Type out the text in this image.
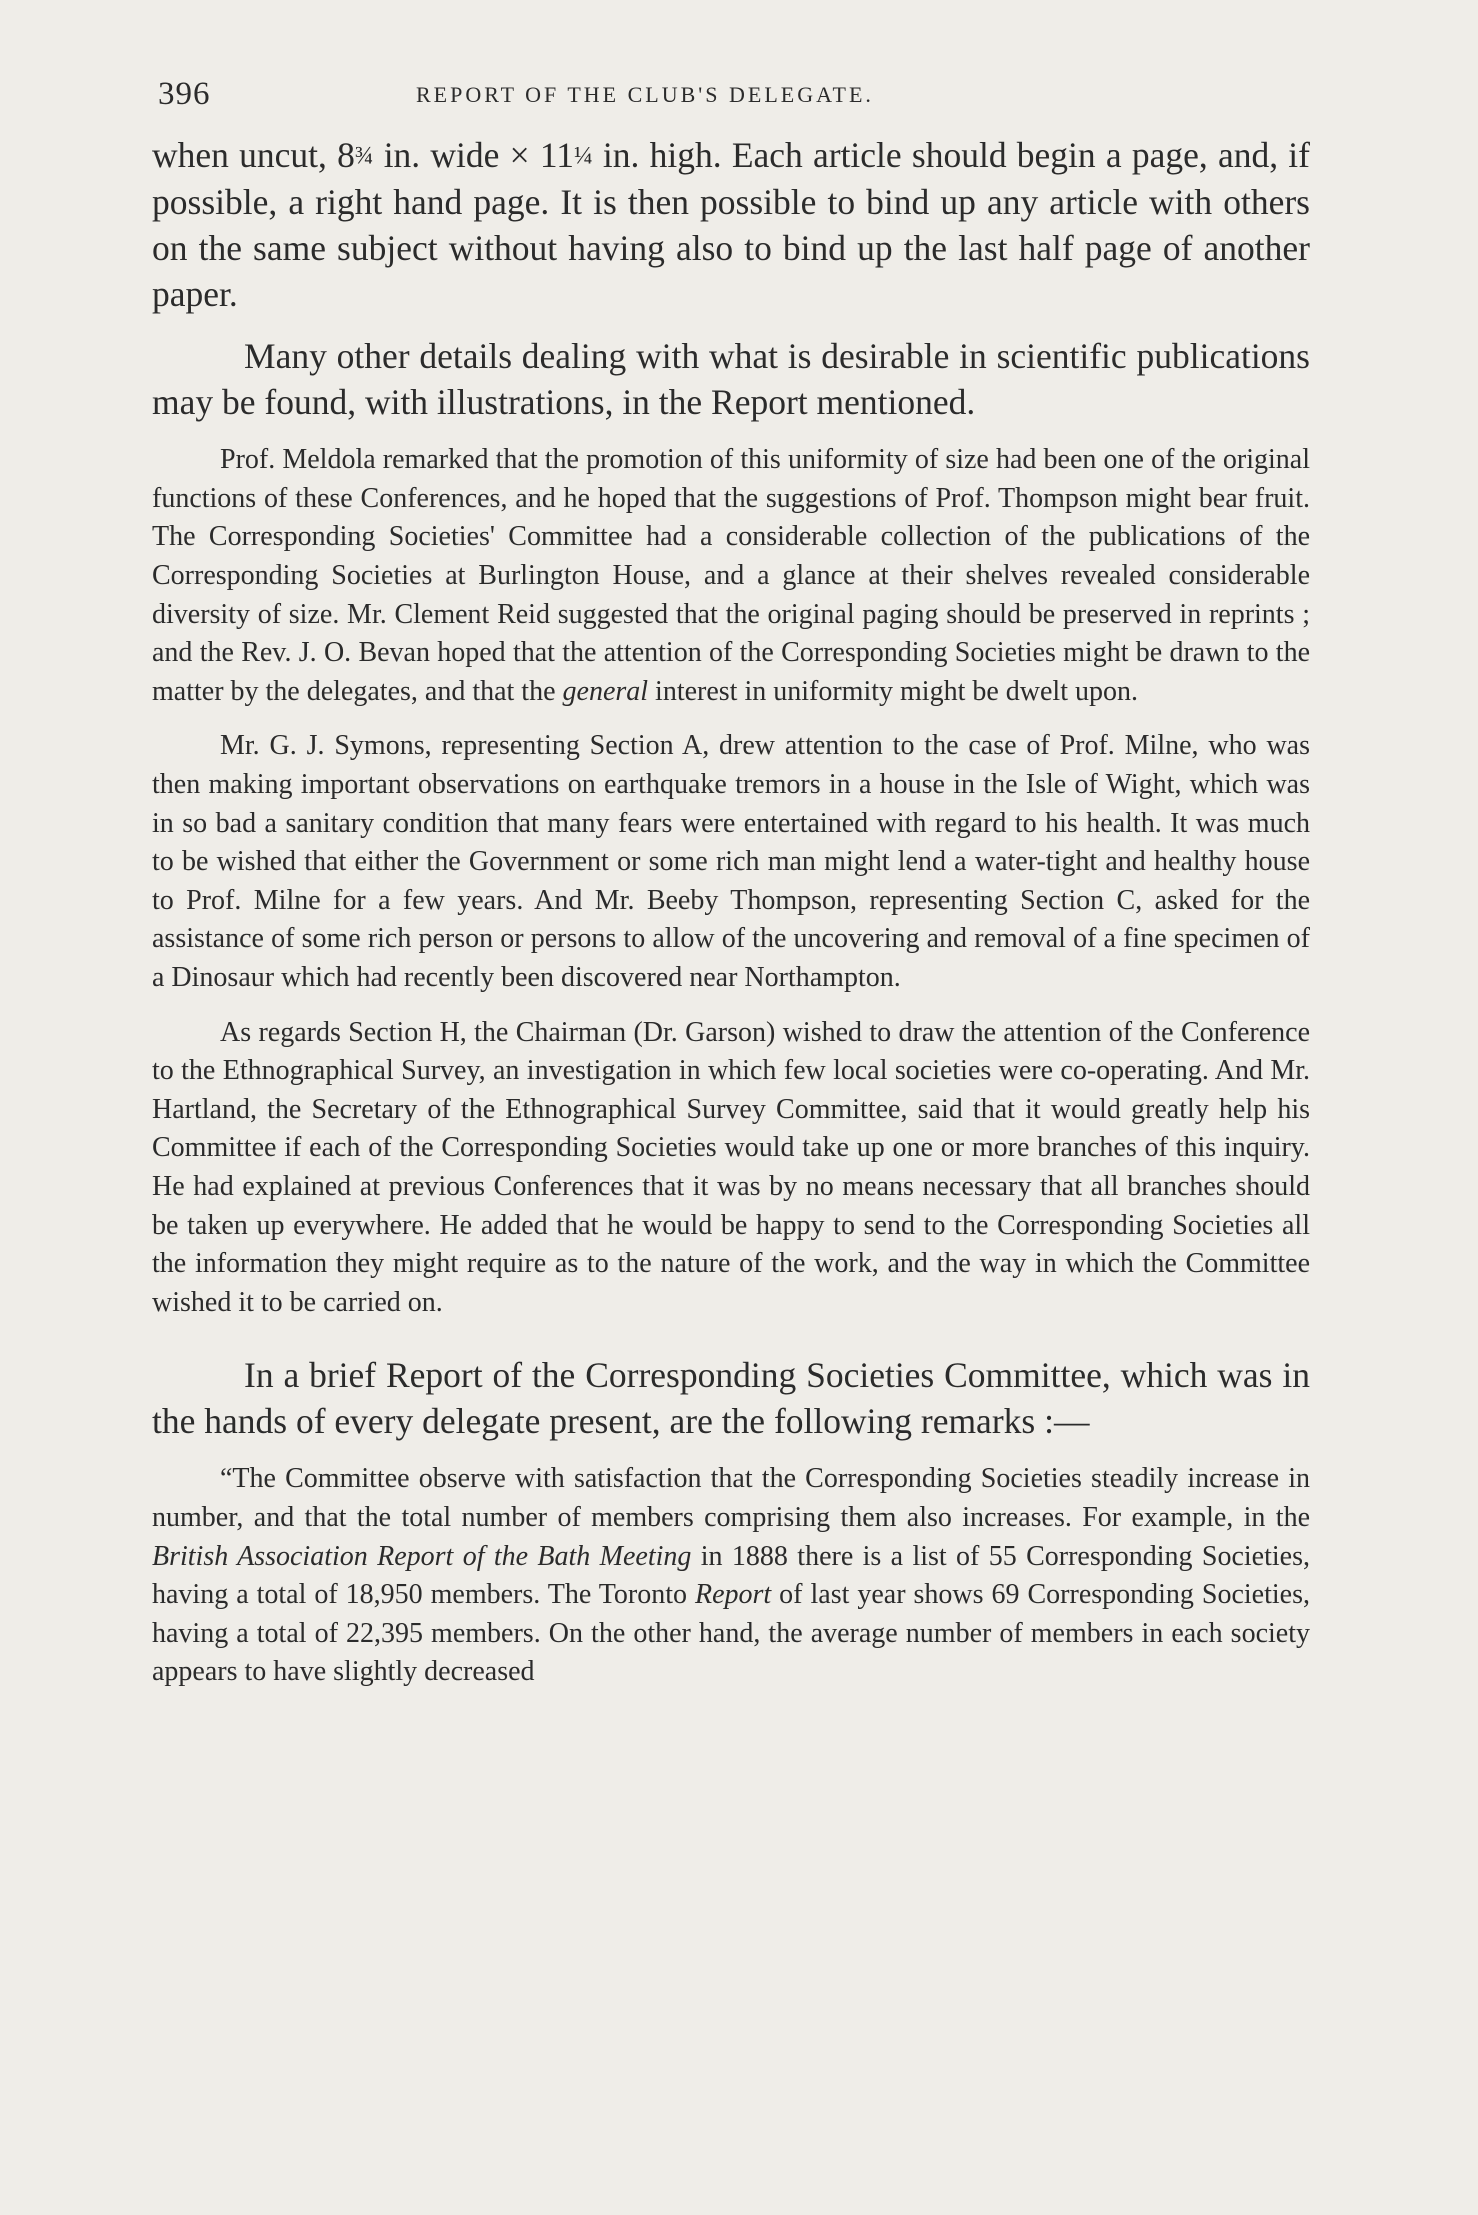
396	REPORT OF THE CLUB'S DELEGATE.

when uncut, 8¾ in. wide × 11¼ in. high. Each article should begin a page, and, if possible, a right hand page. It is then possible to bind up any article with others on the same subject without having also to bind up the last half page of another paper.

Many other details dealing with what is desirable in scientific publications may be found, with illustrations, in the Report mentioned.

Prof. Meldola remarked that the promotion of this uniformity of size had been one of the original functions of these Conferences, and he hoped that the suggestions of Prof. Thompson might bear fruit. The Corresponding Societies' Committee had a considerable collection of the publications of the Corresponding Societies at Burlington House, and a glance at their shelves revealed considerable diversity of size. Mr. Clement Reid suggested that the original paging should be preserved in reprints ; and the Rev. J. O. Bevan hoped that the attention of the Corresponding Societies might be drawn to the matter by the delegates, and that the general interest in uniformity might be dwelt upon.

Mr. G. J. Symons, representing Section A, drew attention to the case of Prof. Milne, who was then making important observations on earthquake tremors in a house in the Isle of Wight, which was in so bad a sanitary condition that many fears were entertained with regard to his health. It was much to be wished that either the Government or some rich man might lend a water-tight and healthy house to Prof. Milne for a few years. And Mr. Beeby Thompson, representing Section C, asked for the assistance of some rich person or persons to allow of the uncovering and removal of a fine specimen of a Dinosaur which had recently been discovered near Northampton.

As regards Section H, the Chairman (Dr. Garson) wished to draw the attention of the Conference to the Ethnographical Survey, an investigation in which few local societies were co-operating. And Mr. Hartland, the Secretary of the Ethnographical Survey Committee, said that it would greatly help his Committee if each of the Corresponding Societies would take up one or more branches of this inquiry. He had explained at previous Conferences that it was by no means necessary that all branches should be taken up everywhere. He added that he would be happy to send to the Corresponding Societies all the information they might require as to the nature of the work, and the way in which the Committee wished it to be carried on.

In a brief Report of the Corresponding Societies Committee, which was in the hands of every delegate present, are the following remarks :—

“The Committee observe with satisfaction that the Corresponding Societies steadily increase in number, and that the total number of members comprising them also increases. For example, in the British Association Report of the Bath Meeting in 1888 there is a list of 55 Corresponding Societies, having a total of 18,950 members. The Toronto Report of last year shows 69 Corresponding Societies, having a total of 22,395 members. On the other hand, the average number of members in each society appears to have slightly decreased
